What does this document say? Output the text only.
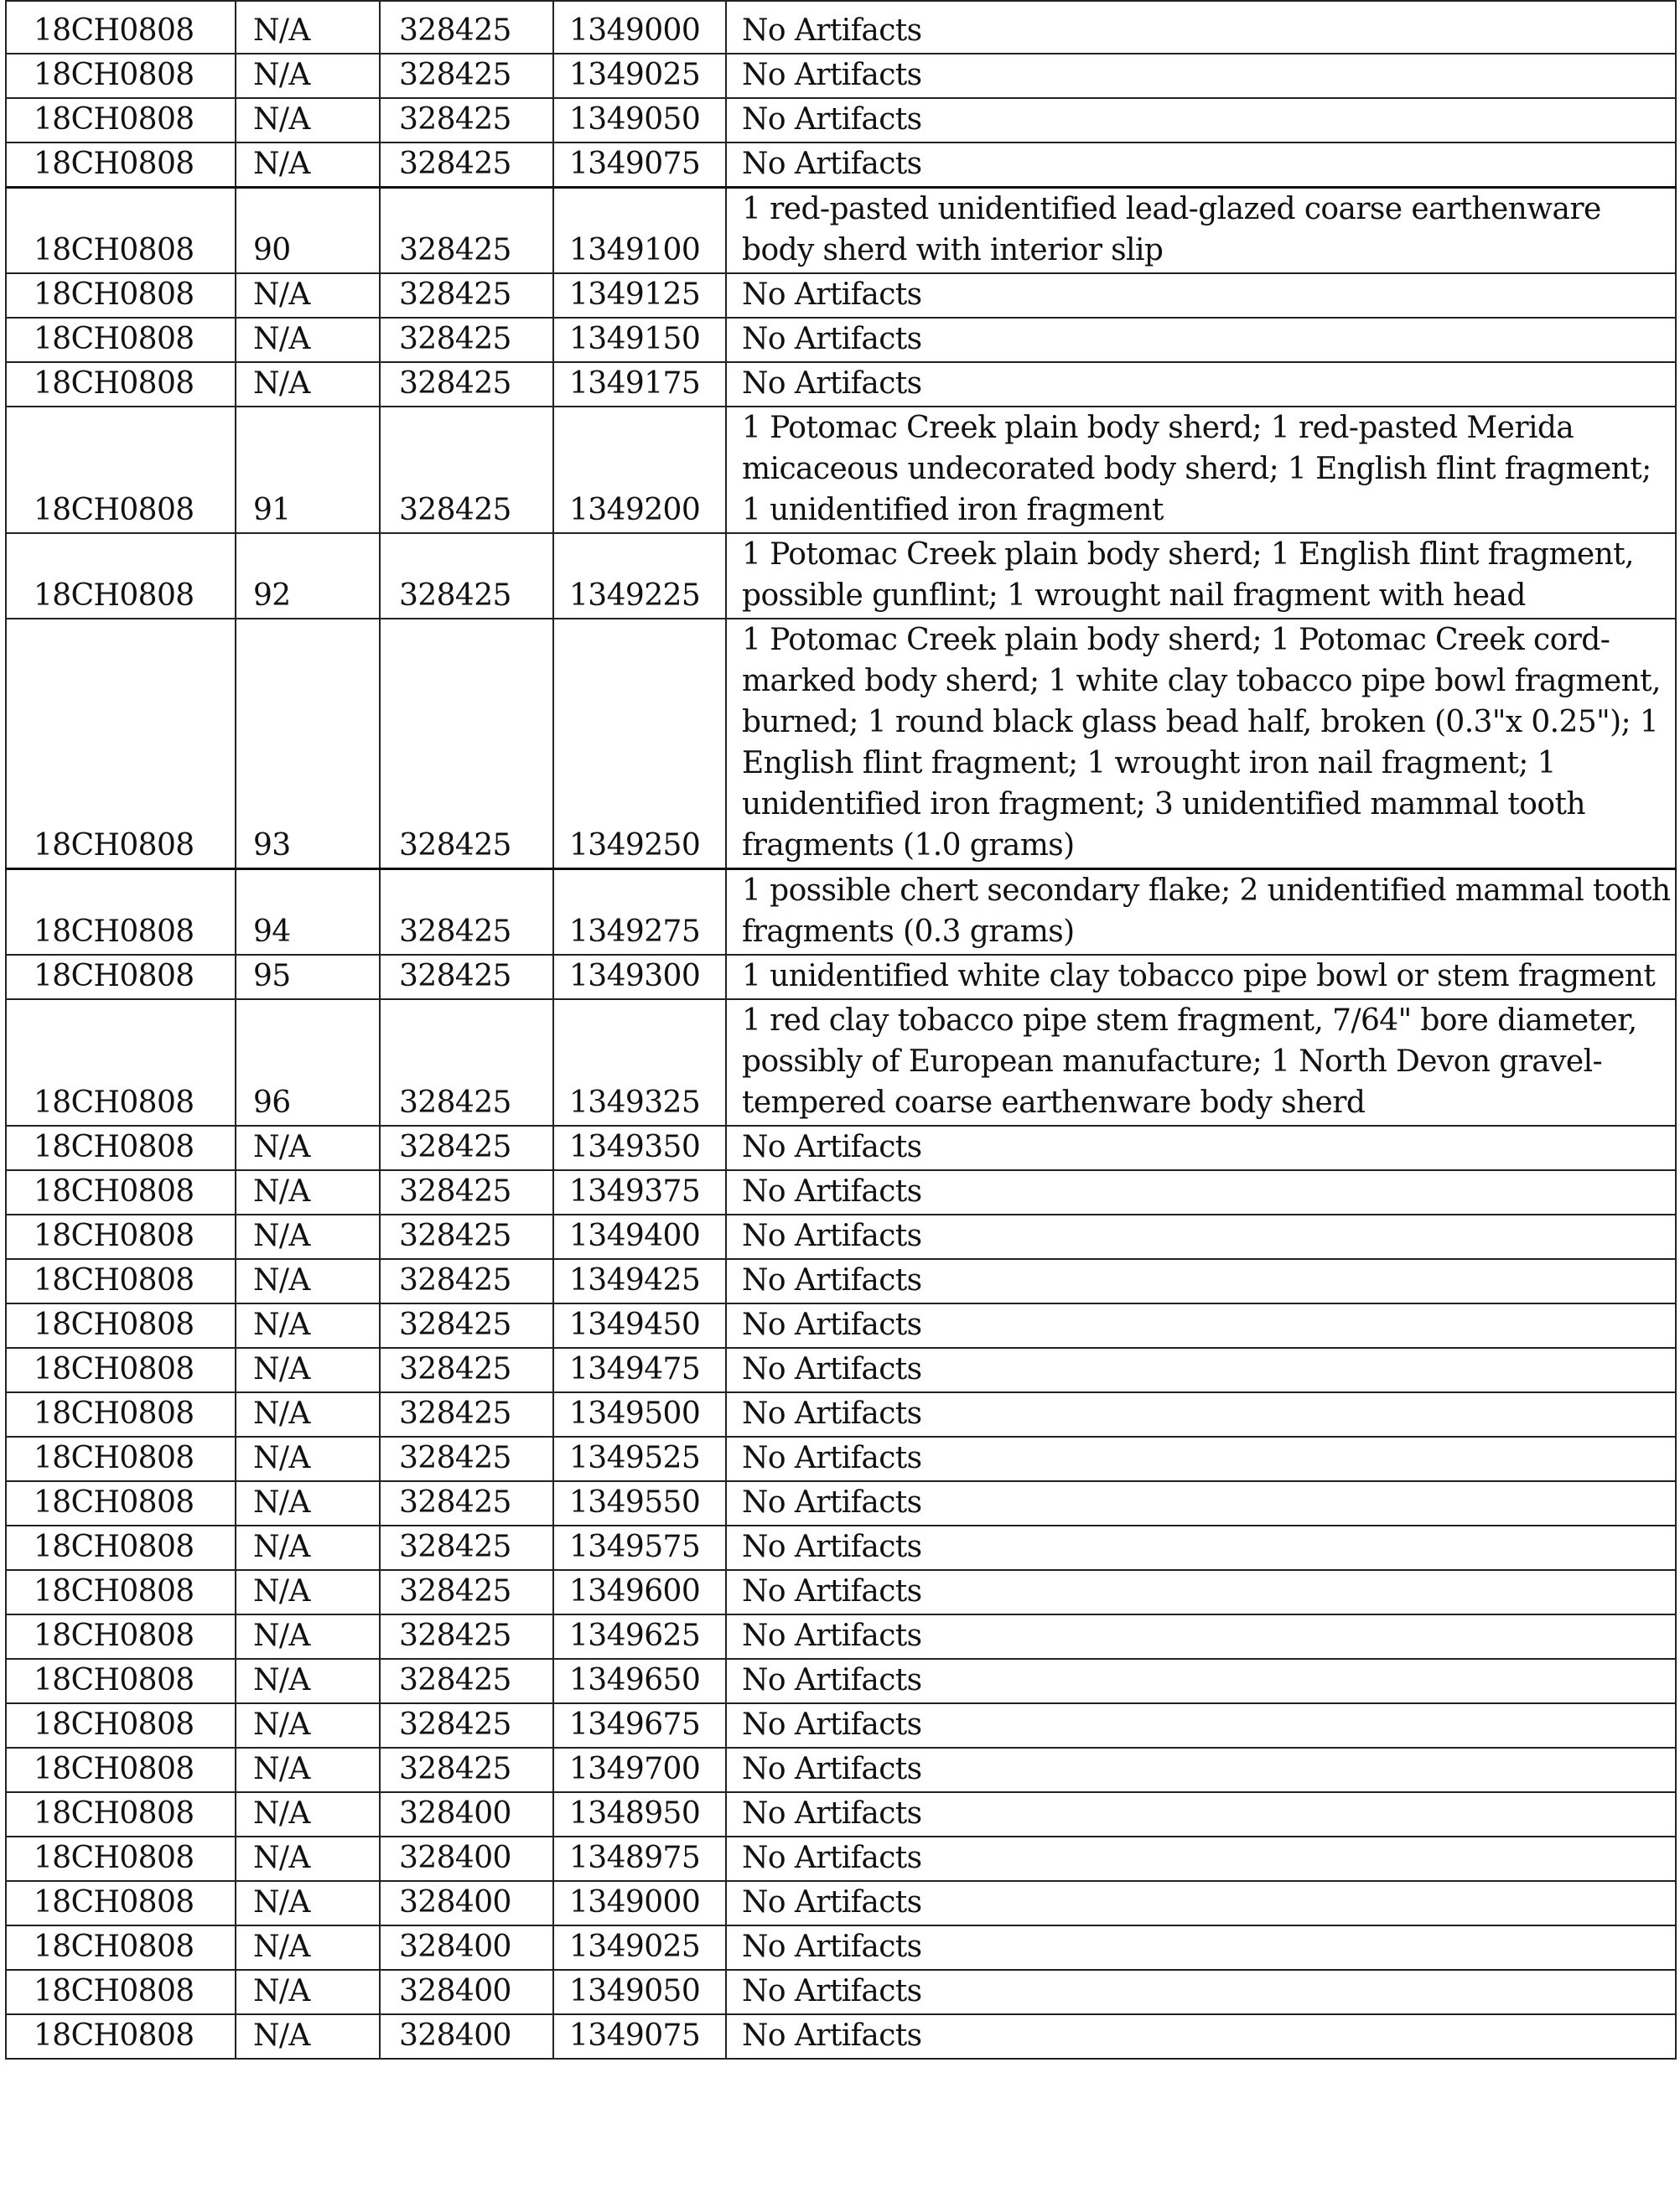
18CH0808	N/A	328425	1349000	No Artifacts
18CH0808	N/A	328425	1349025	No Artifacts
18CH0808	N/A	328425	1349050	No Artifacts
18CH0808	N/A	328425	1349075	No Artifacts
18CH0808	90	328425	1349100	1 red-pasted unidentified lead-glazed coarse earthenware body sherd with interior slip
18CH0808	N/A	328425	1349125	No Artifacts
18CH0808	N/A	328425	1349150	No Artifacts
18CH0808	N/A	328425	1349175	No Artifacts
18CH0808	91	328425	1349200	1 Potomac Creek plain body sherd; 1 red-pasted Merida micaceous undecorated body sherd; 1 English flint fragment; 1 unidentified iron fragment
18CH0808	92	328425	1349225	1 Potomac Creek plain body sherd; 1 English flint fragment, possible gunflint; 1 wrought nail fragment with head
18CH0808	93	328425	1349250	1 Potomac Creek plain body sherd; 1 Potomac Creek cord-marked body sherd; 1 white clay tobacco pipe bowl fragment, burned; 1 round black glass bead half, broken (0.3"x 0.25"); 1 English flint fragment; 1 wrought iron nail fragment; 1 unidentified iron fragment; 3 unidentified mammal tooth fragments (1.0 grams)
18CH0808	94	328425	1349275	1 possible chert secondary flake; 2 unidentified mammal tooth fragments (0.3 grams)
18CH0808	95	328425	1349300	1 unidentified white clay tobacco pipe bowl or stem fragment
18CH0808	96	328425	1349325	1 red clay tobacco pipe stem fragment, 7/64" bore diameter, possibly of European manufacture; 1 North Devon gravel-tempered coarse earthenware body sherd
18CH0808	N/A	328425	1349350	No Artifacts
18CH0808	N/A	328425	1349375	No Artifacts
18CH0808	N/A	328425	1349400	No Artifacts
18CH0808	N/A	328425	1349425	No Artifacts
18CH0808	N/A	328425	1349450	No Artifacts
18CH0808	N/A	328425	1349475	No Artifacts
18CH0808	N/A	328425	1349500	No Artifacts
18CH0808	N/A	328425	1349525	No Artifacts
18CH0808	N/A	328425	1349550	No Artifacts
18CH0808	N/A	328425	1349575	No Artifacts
18CH0808	N/A	328425	1349600	No Artifacts
18CH0808	N/A	328425	1349625	No Artifacts
18CH0808	N/A	328425	1349650	No Artifacts
18CH0808	N/A	328425	1349675	No Artifacts
18CH0808	N/A	328425	1349700	No Artifacts
18CH0808	N/A	328400	1348950	No Artifacts
18CH0808	N/A	328400	1348975	No Artifacts
18CH0808	N/A	328400	1349000	No Artifacts
18CH0808	N/A	328400	1349025	No Artifacts
18CH0808	N/A	328400	1349050	No Artifacts
18CH0808	N/A	328400	1349075	No Artifacts
